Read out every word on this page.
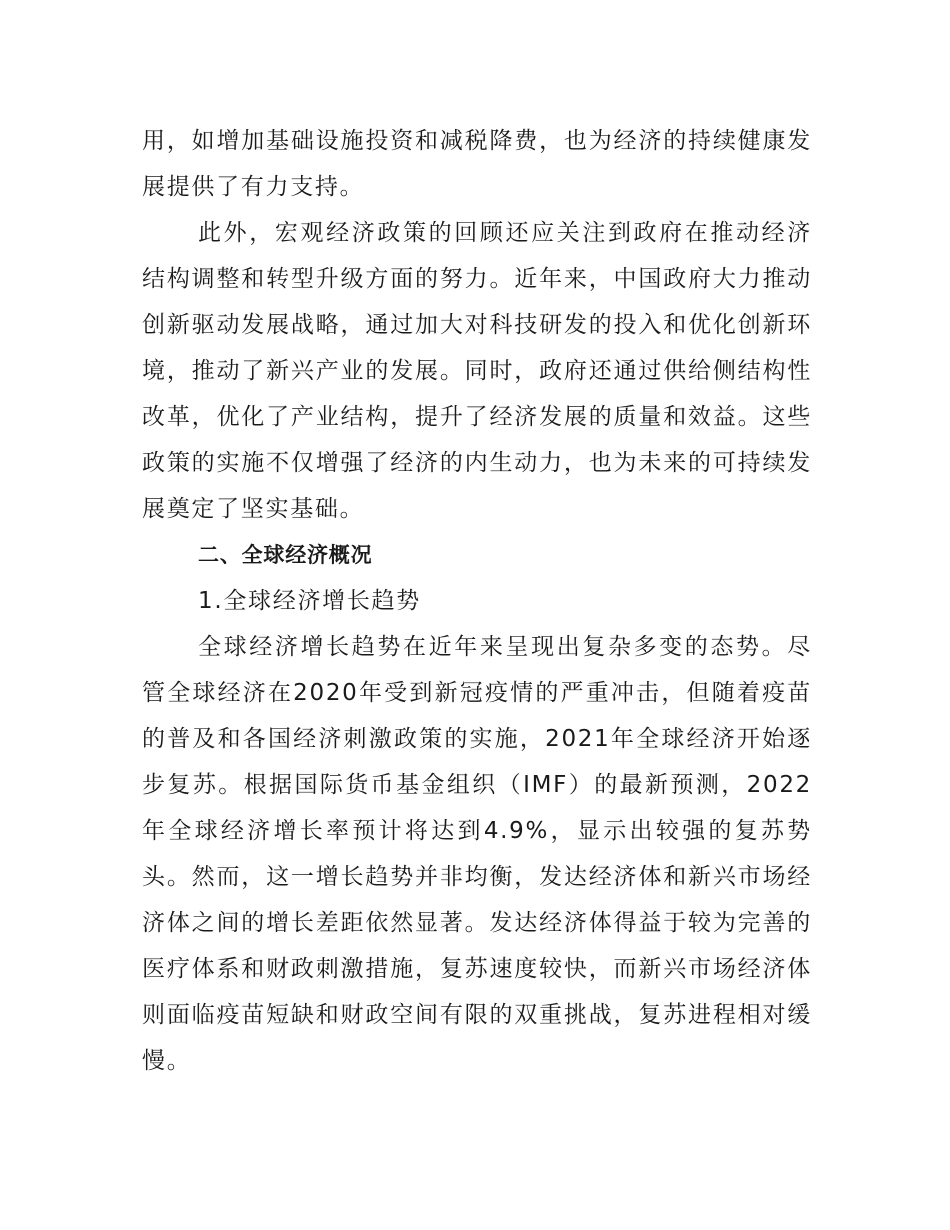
用，如增加基础设施投资和减税降费，也为经济的持续健康发展提供了有力支持。

此外，宏观经济政策的回顾还应关注到政府在推动经济结构调整和转型升级方面的努力。近年来，中国政府大力推动创新驱动发展战略，通过加大对科技研发的投入和优化创新环境，推动了新兴产业的发展。同时，政府还通过供给侧结构性改革，优化了产业结构，提升了经济发展的质量和效益。这些政策的实施不仅增强了经济的内生动力，也为未来的可持续发展奠定了坚实基础。

二、全球经济概况

1.全球经济增长趋势

全球经济增长趋势在近年来呈现出复杂多变的态势。尽管全球经济在2020年受到新冠疫情的严重冲击，但随着疫苗的普及和各国经济刺激政策的实施，2021年全球经济开始逐步复苏。根据国际货币基金组织（IMF）的最新预测，2022年全球经济增长率预计将达到4.9%，显示出较强的复苏势头。然而，这一增长趋势并非均衡，发达经济体和新兴市场经济体之间的增长差距依然显著。发达经济体得益于较为完善的医疗体系和财政刺激措施，复苏速度较快，而新兴市场经济体则面临疫苗短缺和财政空间有限的双重挑战，复苏进程相对缓慢。
